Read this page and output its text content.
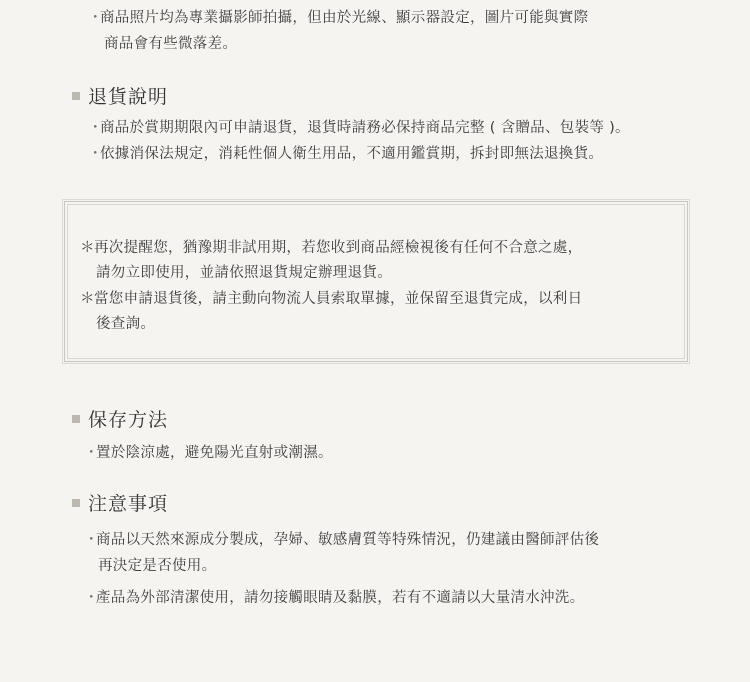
・商品照片均為專業攝影師拍攝，但由於光線、顯示器設定，圖片可能與實際
商品會有些微落差。
退貨說明
・商品於賞期期限內可申請退貨，退貨時請務必保持商品完整 ( 含贈品、包裝等 )。
・依據消保法規定，消耗性個人衛生用品，不適用鑑賞期，拆封即無法退換貨。
＊再次提醒您，猶豫期非試用期，若您收到商品經檢視後有任何不合意之處，
請勿立即使用，並請依照退貨規定辦理退貨。
＊當您申請退貨後，請主動向物流人員索取單據，並保留至退貨完成，以利日
後查詢。
保存方法
・置於陰涼處，避免陽光直射或潮濕。
注意事項
・商品以天然來源成分製成，孕婦、敏感膚質等特殊情況，仍建議由醫師評估後
再決定是否使用。
・產品為外部清潔使用，請勿接觸眼睛及黏膜，若有不適請以大量清水沖洗。
